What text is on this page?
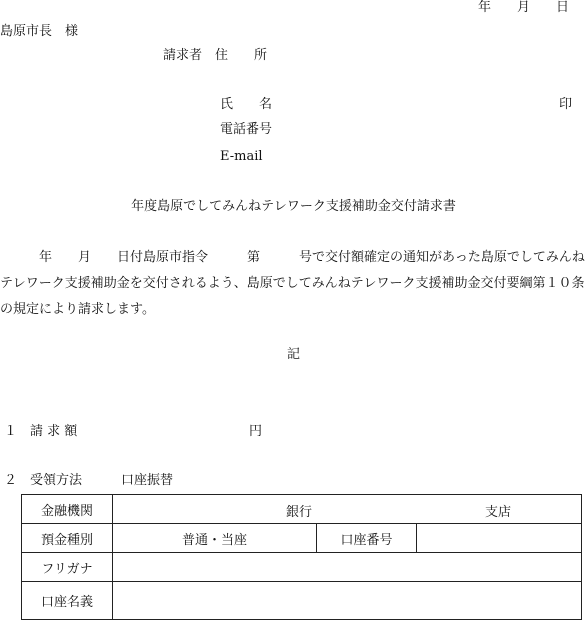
年　　月　　日
島原市長　様
請求者　住　　所
氏　　名	印
電話番号
E-mail
年度島原でしてみんねテレワーク支援補助金交付請求書
　　　年　　月　　日付島原市指令　　　第　　　号で交付額確定の通知があった島原でしてみんねテレワーク支援補助金を交付されるよう、島原でしてみんねテレワーク支援補助金交付要綱第１０条の規定により請求します。
記
１　請 求 額	円
２　受領方法　　　口座振替
金融機関	銀行 支店		

預金種別	普通・当座	口座番号	
フリガナ			
口座名義			
